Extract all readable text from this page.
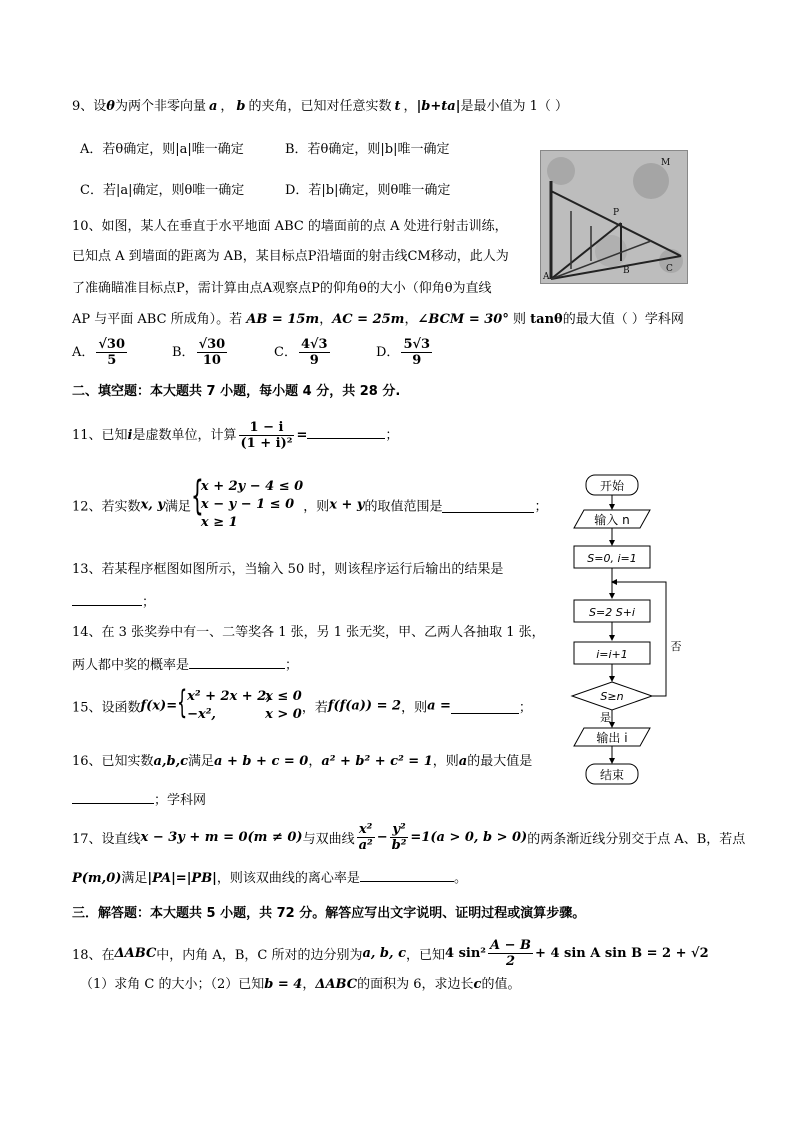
9、设θ为两个非零向量 a ， b 的夹角，已知对任意实数 t ，|b+ta|是最小值为 1（ ）
A．若θ确定，则|a|唯一确定	B．若θ确定，则|b|唯一确定
C．若|a|确定，则θ唯一确定	D．若|b|确定，则θ唯一确定
P
C
B
A
M
10、如图，某人在垂直于水平地面 ABC 的墙面前的点 A 处进行射击训练，
已知点 A 到墙面的距离为 AB，某目标点P沿墙面的射击线CM移动，此人为
了准确瞄准目标点P，需计算由点A观察点P的仰角θ的大小（仰角θ为直线
AP 与平面 ABC 所成角）。若 AB = 15m，AC = 25m，∠BCM = 30° 则 tanθ的最大值（ ）学科网
A． $\frac{√30}{5}$	B． $\frac{√30}{10}$	C． $\frac{4√3}{9}$	D． $\frac{5√3}{9}$
二、填空题：本大题共 7 小题，每小题 4 分，共 28 分.
11、已知i是虚数单位，计算 $\frac{1 - i}{\text{(1 + i)²}}$ =	；
12、若实数x, y满足 {
x + 2y − 4 ≤ 0
x − y − 1 ≤ 0
x ≥ 1
，则x + y的取值范围是	；
13、若某程序框图如图所示，当输入 50 时，则该程序运行后输出的结果是
；
14、在 3 张奖券中有一、二等奖各 1 张，另 1 张无奖，甲、乙两人各抽取 1 张，
两人都中奖的概率是	；
15、设函数f(x)= { x² + 2x + 2,x ≤ 0
−x²,	x > 0 ，若f(f(a)) = 2，则a =	；
16、已知实数a,b,c满足a + b + c = 0，a² + b² + c² = 1，则a的最大值是
；学科网
17、设直线x − 3y + m = 0(m ≠ 0)与双曲线 $\frac{\text{x²}}{\text{a²}} - \frac{\text{y²}}{\text{b²}} =1(a > 0$, b > 0)的两条渐近线分别交于点 A、B，若点
P(m,0)满足|PA|=|PB|，则该双曲线的离心率是	。
三．解答题：本大题共 5 小题，共 72 分。解答应写出文字说明、证明过程或演算步骤。
18、在ΔABC中，内角 A，B，C 所对的边分别为a, b, c，已知4 $\sin^2 \frac{A - B}{2} + 4$ sin A sin B = 2 + √2
（1）求角 C 的大小；（2）已知b = 4，ΔABC的面积为 6，求边长c的值。
开始
输入 n
S=0, i=1
S=2 S+i
i=i+1
S≥n
否
是
输出 i
结束
